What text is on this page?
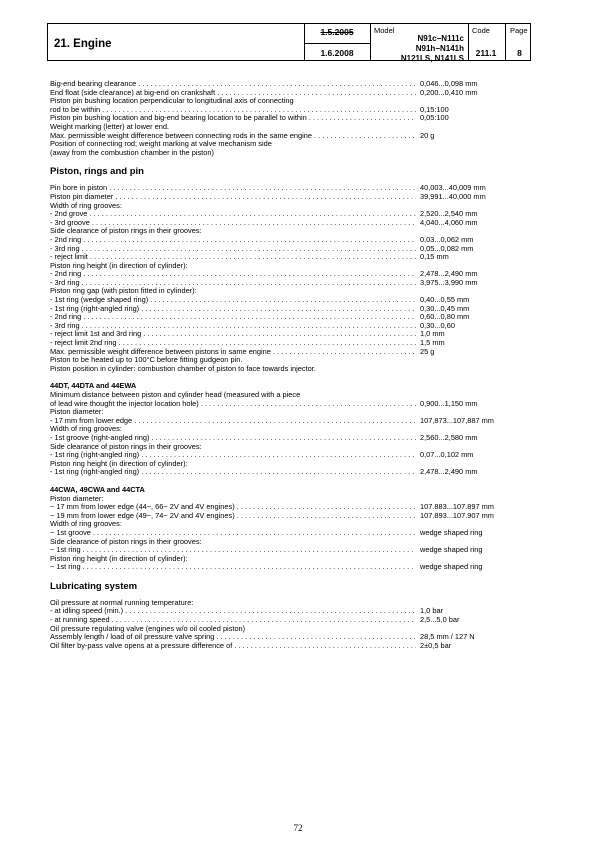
21. Engine
1.5.2005
1.6.2008
Model
N91c−N111c
N91h−N141h
N121LS, N141LS
Code
211.1
Page
8
Big-end bearing clearance . . .	0,046...0,098 mm
End float (side clearance) at big-end on crankshaft . . .	0,200...0,410 mm
Piston pin bushing location perpendicular to longitudinal axis of connecting
rod to be within . . .	0,15:100
Piston pin bushing location and big-end bearing location to be parallel to within . . .	0,05:100
Weight marking (letter) at lower end.
Max. permissible weight difference between connecting rods in the same engine . . .	20 g
Position of connecting rod; weight marking at valve mechanism side
(away from the combustion chamber in the piston)
Piston, rings and pin
Pin bore in piston . . .	40,003...40,009 mm
Piston pin diameter . . .	39,991...40,000 mm
Width of ring grooves:
- 2nd grove . . .	2,520...2,540 mm
- 3rd groove . . .	4,040...4,060 mm
Side clearance of piston rings in their grooves:
- 2nd ring . . .	0,03...0,062 mm
- 3rd ring . . .	0,05...0,082 mm
- reject limit . . .	0,15 mm
Piston ring height (in direction of cylinder):
- 2nd ring . . .	2,478...2,490 mm
- 3rd ring . . .	3,975...3,990 mm
Piston ring gap (with piston fitted in cylinder):
- 1st ring (wedge shaped ring) . . .	0,40...0,55 mm
- 1st ring (right-angled ring) . . .	0,30...0,45 mm
- 2nd ring . . .	0,60...0,80 mm
- 3rd ring . . .	0,30...0,60
- reject limit 1st and 3rd ring . . .	1,0 mm
- reject limit 2nd ring . . .	1,5 mm
Max. permissible weight difference between pistons in same engine . . .	25 g
Piston to be heated up to 100°C before fitting gudgeon pin.
Piston position in cylinder: combustion chamber of piston to face towards injector.
44DT, 44DTA and 44EWA
Minimum distance between piston and cylinder head (measured with a piece
of lead wire thought the injector location hole) . . .	0,900...1,150 mm
Piston diameter:
- 17 mm from lower edge . . .	107,873...107,887 mm
Width of ring grooves:
- 1st groove (right-angled ring) . . .	2,560...2,580 mm
Side clearance of piston rings in their grooves:
- 1st ring (right-angled ring) . . .	0,07...0,102 mm
Piston ring height (in direction of cylinder):
- 1st ring (right-angled ring) . . .	2,478...2,490 mm
44CWA, 49CWA and 44CTA
Piston diameter:
− 17 mm from lower edge (44−, 66− 2V and 4V engines) . . .	107.883...107.897 mm
− 19 mm from lower edge (49−, 74− 2V and 4V engines) . . .	107.893...107.907 mm
Width of ring grooves:
− 1st groove . . .	wedge shaped ring
Side clearance of piston rings in their grooves:
− 1st ring . . .	wedge shaped ring
Piston ring height (in direction of cylinder):
− 1st ring . . .	wedge shaped ring
Lubricating system
Oil pressure at normal running temperature:
- at idling speed (min.) . . .	1,0 bar
- at running speed . . .	2,5...5,0 bar
Oil pressure regulating valve (engines w/o oil cooled piston)
Assembly length / load of oil pressure valve spring . . .	28,5 mm / 127 N
Oil filter by-pass valve opens at a pressure difference of . . .	2±0,5 bar
72
